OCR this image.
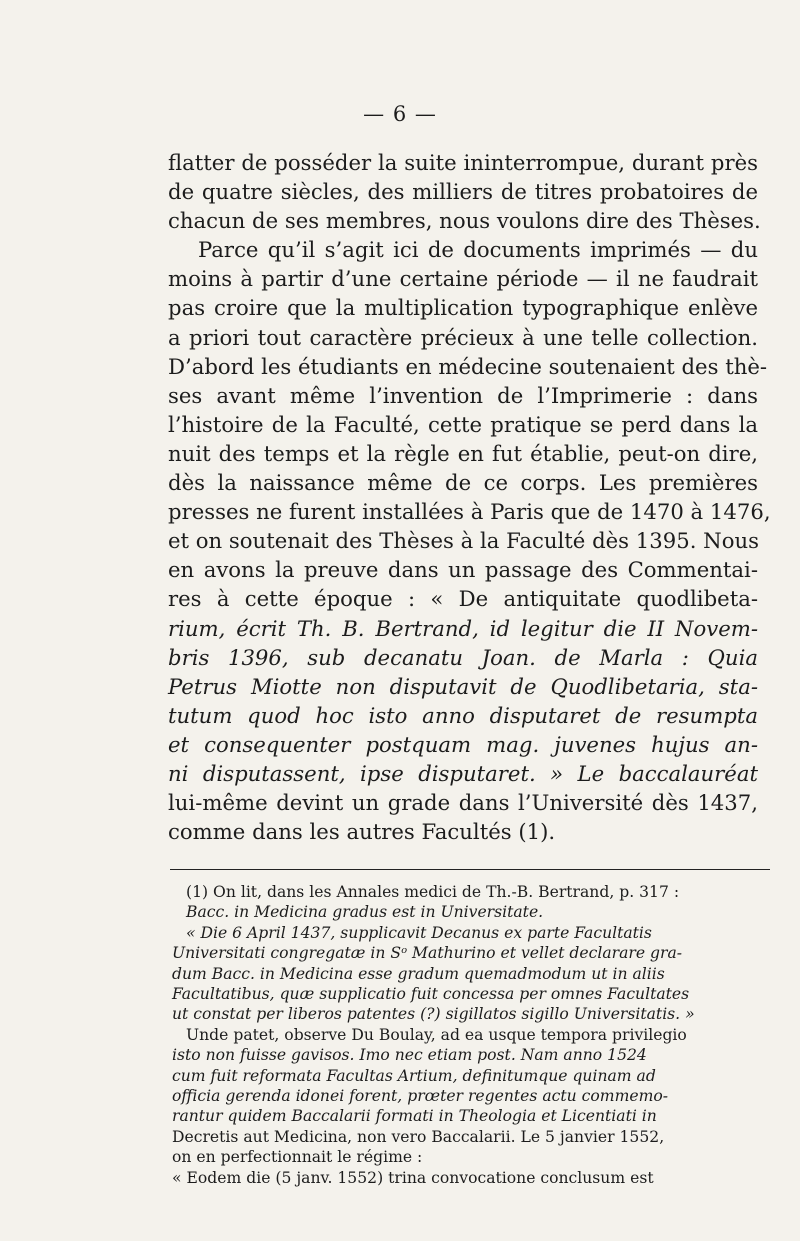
— 6 —
flatter de posséder la suite ininterrompue, durant près
de quatre siècles, des milliers de titres probatoires de
chacun de ses membres, nous voulons dire des Thèses.
Parce qu’il s’agit ici de documents imprimés — du
moins à partir d’une certaine période — il ne faudrait
pas croire que la multiplication typographique enlève
a priori tout caractère précieux à une telle collection.
D’abord les étudiants en médecine soutenaient des thè-
ses avant même l’invention de l’Imprimerie : dans
l’histoire de la Faculté, cette pratique se perd dans la
nuit des temps et la règle en fut établie, peut-on dire,
dès la naissance même de ce corps. Les premières
presses ne furent installées à Paris que de 1470 à 1476,
et on soutenait des Thèses à la Faculté dès 1395. Nous
en avons la preuve dans un passage des Commentai-
res à cette époque : « De antiquitate quodlibeta-
rium, écrit Th. B. Bertrand, id legitur die II Novem-
bris 1396, sub decanatu Joan. de Marla : Quia
Petrus Miotte non disputavit de Quodlibetaria, sta-
tutum quod hoc isto anno disputaret de resumpta
et consequenter postquam mag. juvenes hujus an-
ni disputassent, ipse disputaret. » Le baccalauréat
lui-même devint un grade dans l’Université dès 1437,
comme dans les autres Facultés (1).
(1) On lit, dans les Annales medici de Th.-B. Bertrand, p. 317 :
Bacc. in Medicina gradus est in Universitate.
« Die 6 April 1437, supplicavit Decanus ex parte Facultatis
Universitati congregatæ in Sᵒ Mathurino et vellet declarare gra-
dum Bacc. in Medicina esse gradum quemadmodum ut in aliis
Facultatibus, quæ supplicatio fuit concessa per omnes Facultates
ut constat per liberos patentes (?) sigillatos sigillo Universitatis. »
Unde patet, observe Du Boulay, ad ea usque tempora privilegio
isto non fuisse gavisos. Imo nec etiam post. Nam anno 1524
cum fuit reformata Facultas Artium, definitumque quinam ad
officia gerenda idonei forent, prœter regentes actu commemo-
rantur quidem Baccalarii formati in Theologia et Licentiati in
Decretis aut Medicina, non vero Baccalarii. Le 5 janvier 1552,
on en perfectionnait le régime :
« Eodem die (5 janv. 1552) trina convocatione conclusum est
